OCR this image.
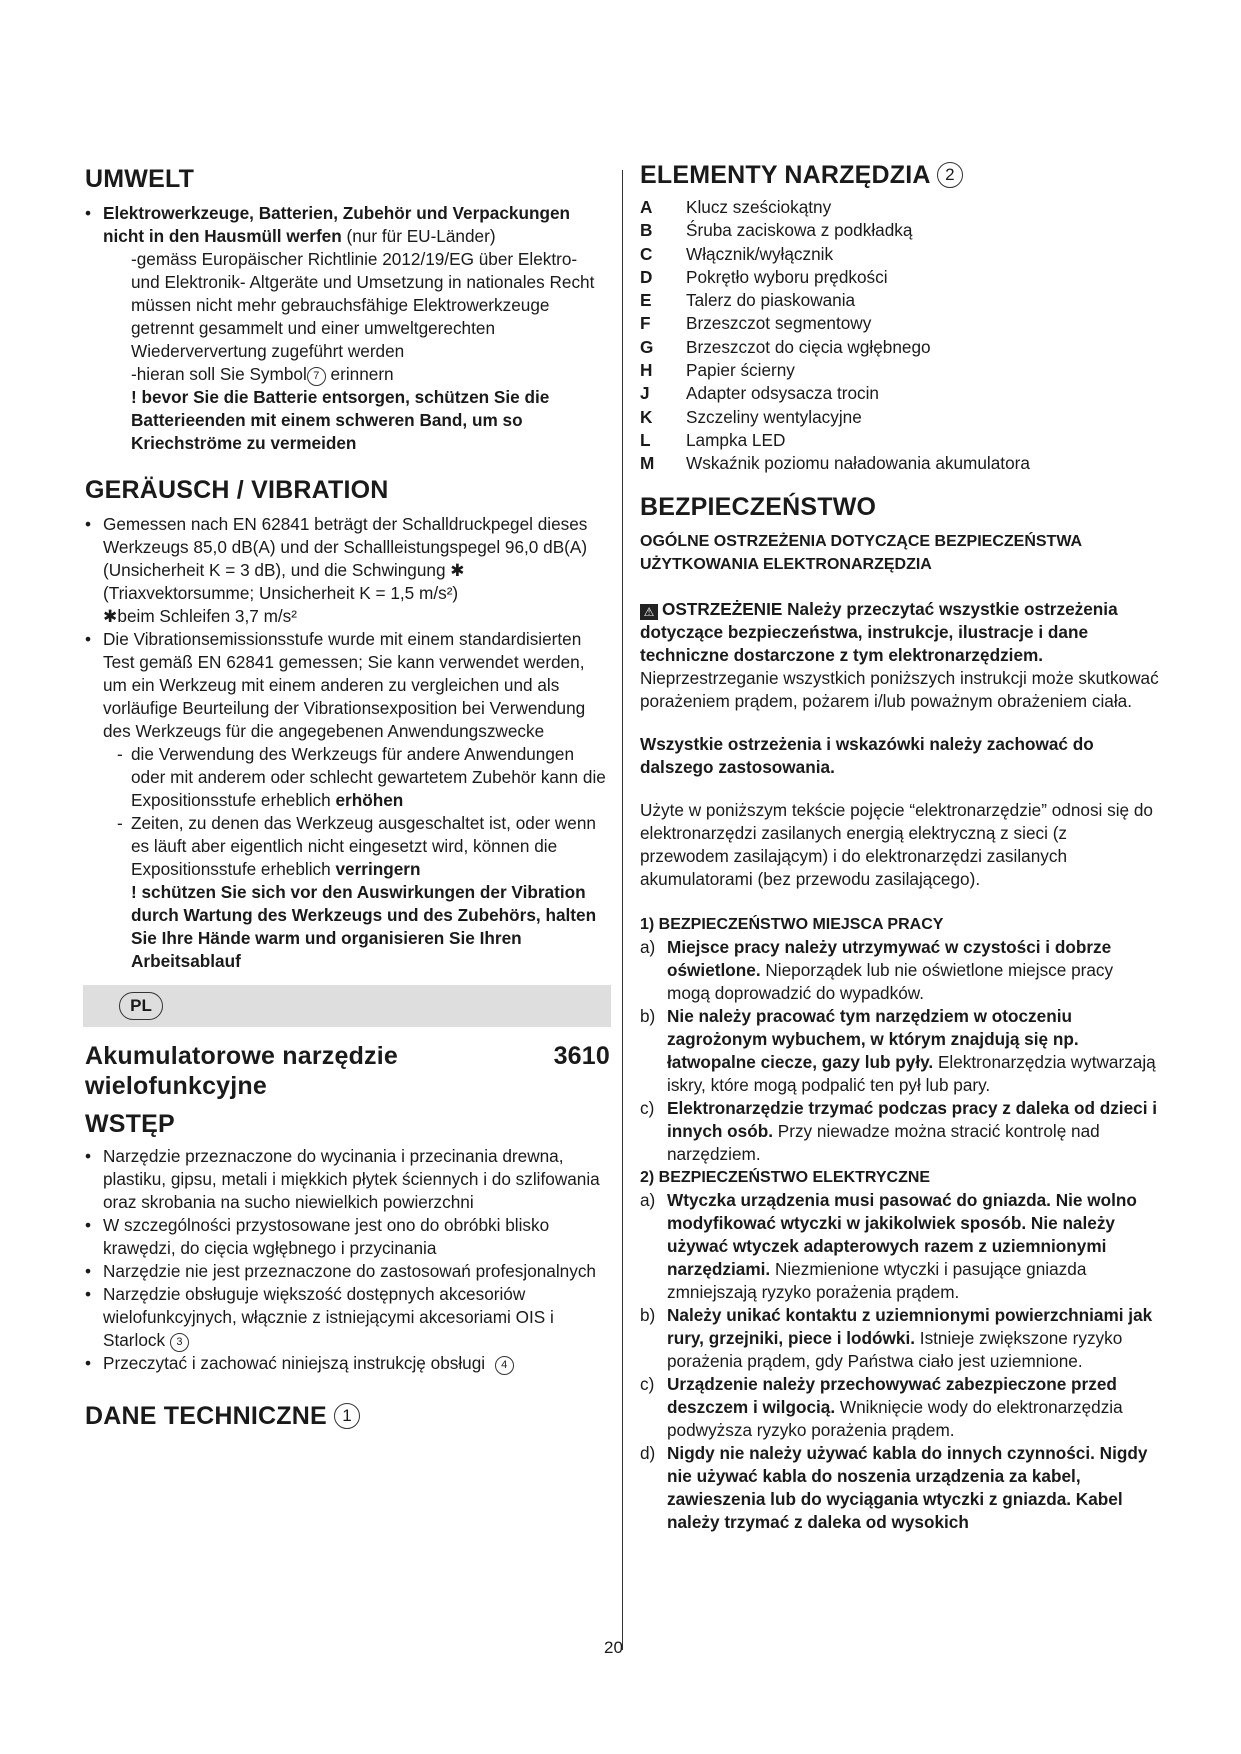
UMWELT
• Elektrowerkzeuge, Batterien, Zubehör und Verpackungen nicht in den Hausmüll werfen (nur für EU-Länder)
-gemäss Europäischer Richtlinie 2012/19/EG über Elektro- und Elektronik- Altgeräte und Umsetzung in nationales Recht müssen nicht mehr gebrauchsfähige Elektrowerkzeuge getrennt gesammelt und einer umweltgerechten Wiederververtung zugeführt werden
-hieran soll Sie Symbol 7 erinnern
! bevor Sie die Batterie entsorgen, schützen Sie die Batterieenden mit einem schweren Band, um so Kriechströme zu vermeiden
GERÄUSCH / VIBRATION
• Gemessen nach EN 62841 beträgt der Schalldruckpegel dieses Werkzeugs 85,0 dB(A) und der Schallleistungspegel 96,0 dB(A) (Unsicherheit K = 3 dB), und die Schwingung ✱ (Triaxvektorsumme; Unsicherheit K = 1,5 m/s²)
✱beim Schleifen 3,7 m/s²
• Die Vibrationsemissionsstufe wurde mit einem standardisierten Test gemäß EN 62841 gemessen; Sie kann verwendet werden, um ein Werkzeug mit einem anderen zu vergleichen und als vorläufige Beurteilung der Vibrationsexposition bei Verwendung des Werkzeugs für die angegebenen Anwendungszwecke
- die Verwendung des Werkzeugs für andere Anwendungen oder mit anderem oder schlecht gewartetem Zubehör kann die Expositionsstufe erheblich erhöhen
- Zeiten, zu denen das Werkzeug ausgeschaltet ist, oder wenn es läuft aber eigentlich nicht eingesetzt wird, können die Expositionsstufe erheblich verringern
! schützen Sie sich vor den Auswirkungen der Vibration durch Wartung des Werkzeugs und des Zubehörs, halten Sie Ihre Hände warm und organisieren Sie Ihren Arbeitsablauf
PL
Akumulatorowe narzędzie wielofunkcyjne
3610
WSTĘP
• Narzędzie przeznaczone do wycinania i przecinania drewna, plastiku, gipsu, metali i miękkich płytek ściennych i do szlifowania oraz skrobania na sucho niewielkich powierzchni
• W szczególności przystosowane jest ono do obróbki blisko krawędzi, do cięcia wgłębnego i przycinania
• Narzędzie nie jest przeznaczone do zastosowań profesjonalnych
• Narzędzie obsługuje większość dostępnych akcesoriów wielofunkcyjnych, włącznie z istniejącymi akcesoriami OIS i Starlock 3
• Przeczytać i zachować niniejszą instrukcję obsługi 4
DANE TECHNICZNE 1
ELEMENTY NARZĘDZIA 2
A	Klucz sześciokątny
B	Śruba zaciskowa z podkładką
C	Włącznik/wyłącznik
D	Pokrętło wyboru prędkości
E	Talerz do piaskowania
F	Brzeszczot segmentowy
G	Brzeszczot do cięcia wgłębnego
H	Papier ścierny
J	Adapter odsysacza trocin
K	Szczeliny wentylacyjne
L	Lampka LED
M	Wskaźnik poziomu naładowania akumulatora
BEZPIECZEŃSTWO
OGÓLNE OSTRZEŻENIA DOTYCZĄCE BEZPIECZEŃSTWA UŻYTKOWANIA ELEKTRONARZĘDZIA
⚠ OSTRZEŻENIE Należy przeczytać wszystkie ostrzeżenia dotyczące bezpieczeństwa, instrukcje, ilustracje i dane techniczne dostarczone z tym elektronarzędziem. Nieprzestrzeganie wszystkich poniższych instrukcji może skutkować porażeniem prądem, pożarem i/lub poważnym obrażeniem ciała.
Wszystkie ostrzeżenia i wskazówki należy zachować do dalszego zastosowania.
Użyte w poniższym tekście pojęcie “elektronarzędzie” odnosi się do elektronarzędzi zasilanych energią elektryczną z sieci (z przewodem zasilającym) i do elektronarzędzi zasilanych akumulatorami (bez przewodu zasilającego).
1) BEZPIECZEŃSTWO MIEJSCA PRACY
a) Miejsce pracy należy utrzymywać w czystości i dobrze oświetlone. Nieporządek lub nie oświetlone miejsce pracy mogą doprowadzić do wypadków.
b) Nie należy pracować tym narzędziem w otoczeniu zagrożonym wybuchem, w którym znajdują się np. łatwopalne ciecze, gazy lub pyły. Elektronarzędzia wytwarzają iskry, które mogą podpalić ten pył lub pary.
c) Elektronarzędzie trzymać podczas pracy z daleka od dzieci i innych osób. Przy niewadze można stracić kontrolę nad narzędziem.
2) BEZPIECZEŃSTWO ELEKTRYCZNE
a) Wtyczka urządzenia musi pasować do gniazda. Nie wolno modyfikować wtyczki w jakikolwiek sposób. Nie należy używać wtyczek adapterowych razem z uziemnionymi narzędziami. Niezmienione wtyczki i pasujące gniazda zmniejszają ryzyko porażenia prądem.
b) Należy unikać kontaktu z uziemnionymi powierzchniami jak rury, grzejniki, piece i lodówki. Istnieje zwiększone ryzyko porażenia prądem, gdy Państwa ciało jest uziemnione.
c) Urządzenie należy przechowywać zabezpieczone przed deszczem i wilgocią. Wniknięcie wody do elektronarzędzia podwyższa ryzyko porażenia prądem.
d) Nigdy nie należy używać kabla do innych czynności. Nigdy nie używać kabla do noszenia urządzenia za kabel, zawieszenia lub do wyciągania wtyczki z gniazda. Kabel należy trzymać z daleka od wysokich
20
